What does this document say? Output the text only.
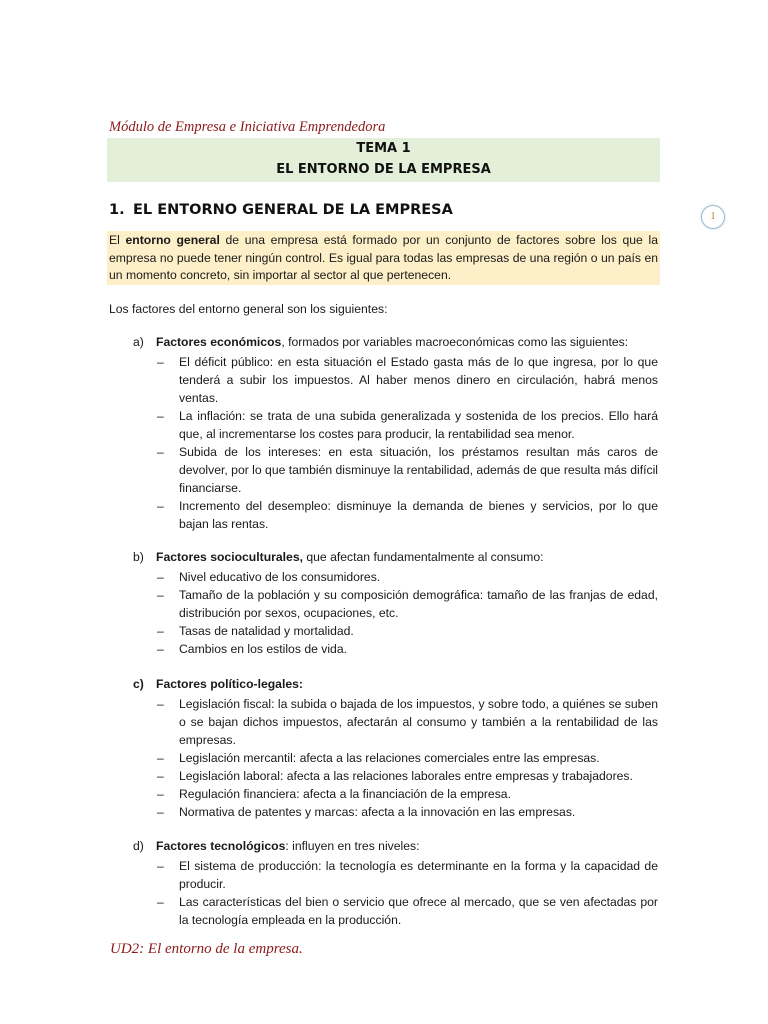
Módulo de Empresa e Iniciativa Emprendedora
TEMA 1
EL ENTORNO DE LA EMPRESA
1
1. EL ENTORNO GENERAL DE LA EMPRESA
El entorno general de una empresa está formado por un conjunto de factores sobre los que la empresa no puede tener ningún control. Es igual para todas las empresas de una región o un país en un momento concreto, sin importar al sector al que pertenecen.
Los factores del entorno general son los siguientes:
a) Factores económicos, formados por variables macroeconómicas como las siguientes:
– El déficit público: en esta situación el Estado gasta más de lo que ingresa, por lo que tenderá a subir los impuestos. Al haber menos dinero en circulación, habrá menos ventas.
– La inflación: se trata de una subida generalizada y sostenida de los precios. Ello hará que, al incrementarse los costes para producir, la rentabilidad sea menor.
– Subida de los intereses: en esta situación, los préstamos resultan más caros de devolver, por lo que también disminuye la rentabilidad, además de que resulta más difícil financiarse.
– Incremento del desempleo: disminuye la demanda de bienes y servicios, por lo que bajan las rentas.
b) Factores socioculturales, que afectan fundamentalmente al consumo:
– Nivel educativo de los consumidores.
– Tamaño de la población y su composición demográfica: tamaño de las franjas de edad, distribución por sexos, ocupaciones, etc.
– Tasas de natalidad y mortalidad.
– Cambios en los estilos de vida.
c) Factores político-legales:
– Legislación fiscal: la subida o bajada de los impuestos, y sobre todo, a quiénes se suben o se bajan dichos impuestos, afectarán al consumo y también a la rentabilidad de las empresas.
– Legislación mercantil: afecta a las relaciones comerciales entre las empresas.
– Legislación laboral: afecta a las relaciones laborales entre empresas y trabajadores.
– Regulación financiera: afecta a la financiación de la empresa.
– Normativa de patentes y marcas: afecta a la innovación en las empresas.
d) Factores tecnológicos: influyen en tres niveles:
– El sistema de producción: la tecnología es determinante en la forma y la capacidad de producir.
– Las características del bien o servicio que ofrece al mercado, que se ven afectadas por la tecnología empleada en la producción.
UD2: El entorno de la empresa.
